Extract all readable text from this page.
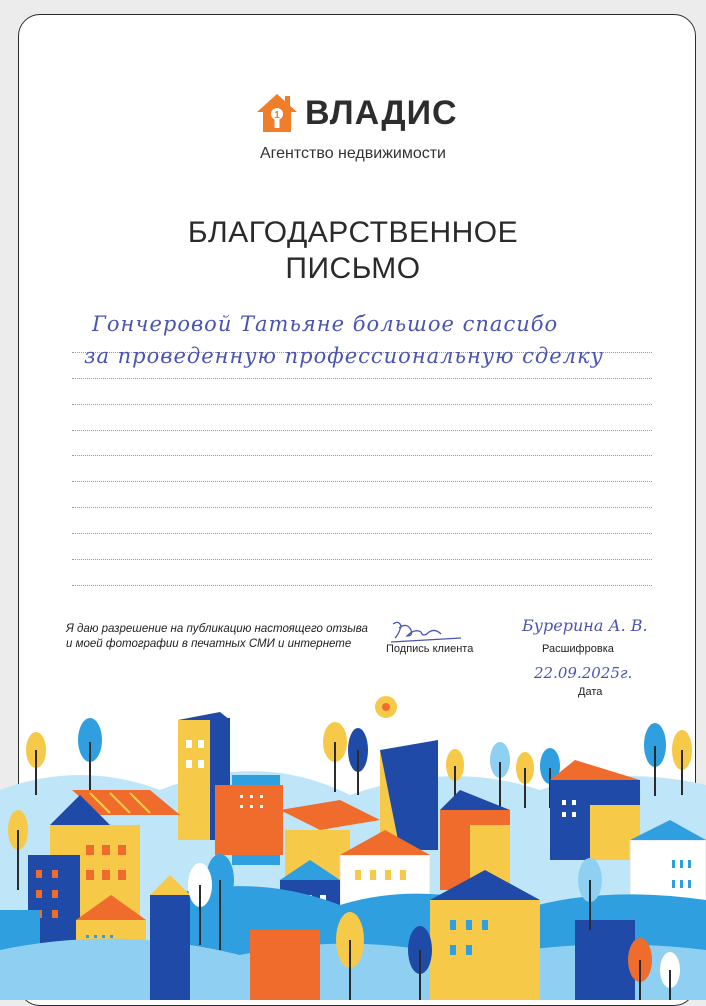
1 ВЛАДИС
Агентство недвижимости
БЛАГОДАРСТВЕННОЕ
ПИСЬМО
Гончеровой Татьяне большое спасибо
за проведенную профессиональную сделку
Я даю разрешение на публикацию настоящего отзыва
и моей фотографии в печатных СМИ и интернете	Подпись клиента
Бурерина А. В.
Расшифровка
22.09.2025г.
Дата
